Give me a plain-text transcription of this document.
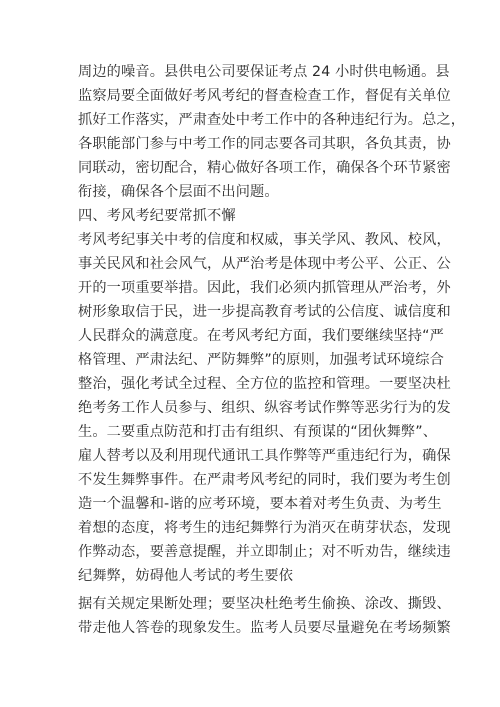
周边的噪音。县供电公司要保证考点 24 小时供电畅通。县
监察局要全面做好考风考纪的督查检查工作，督促有关单位
抓好工作落实，严肃查处中考工作中的各种违纪行为。总之，
各职能部门参与中考工作的同志要各司其职，各负其责，协
同联动，密切配合，精心做好各项工作，确保各个环节紧密
衔接，确保各个层面不出问题。
四、考风考纪要常抓不懈
考风考纪事关中考的信度和权威，事关学风、教风、校风，
事关民风和社会风气，从严治考是体现中考公平、公正、公
开的一项重要举措。因此，我们必须内抓管理从严治考，外
树形象取信于民，进一步提高教育考试的公信度、诚信度和
人民群众的满意度。在考风考纪方面，我们要继续坚持“严
格管理、严肃法纪、严防舞弊”的原则，加强考试环境综合
整治，强化考试全过程、全方位的监控和管理。一要坚决杜
绝考务工作人员参与、组织、纵容考试作弊等恶劣行为的发
生。二要重点防范和打击有组织、有预谋的“团伙舞弊”、
雇人替考以及利用现代通讯工具作弊等严重违纪行为，确保
不发生舞弊事件。在严肃考风考纪的同时，我们要为考生创
造一个温馨和-谐的应考环境，要本着对考生负责、为考生
着想的态度，将考生的违纪舞弊行为消灭在萌芽状态，发现
作弊动态，要善意提醒，并立即制止；对不听劝告，继续违
纪舞弊，妨碍他人考试的考生要依
据有关规定果断处理；要坚决杜绝考生偷换、涂改、撕毁、
带走他人答卷的现象发生。监考人员要尽量避免在考场频繁
